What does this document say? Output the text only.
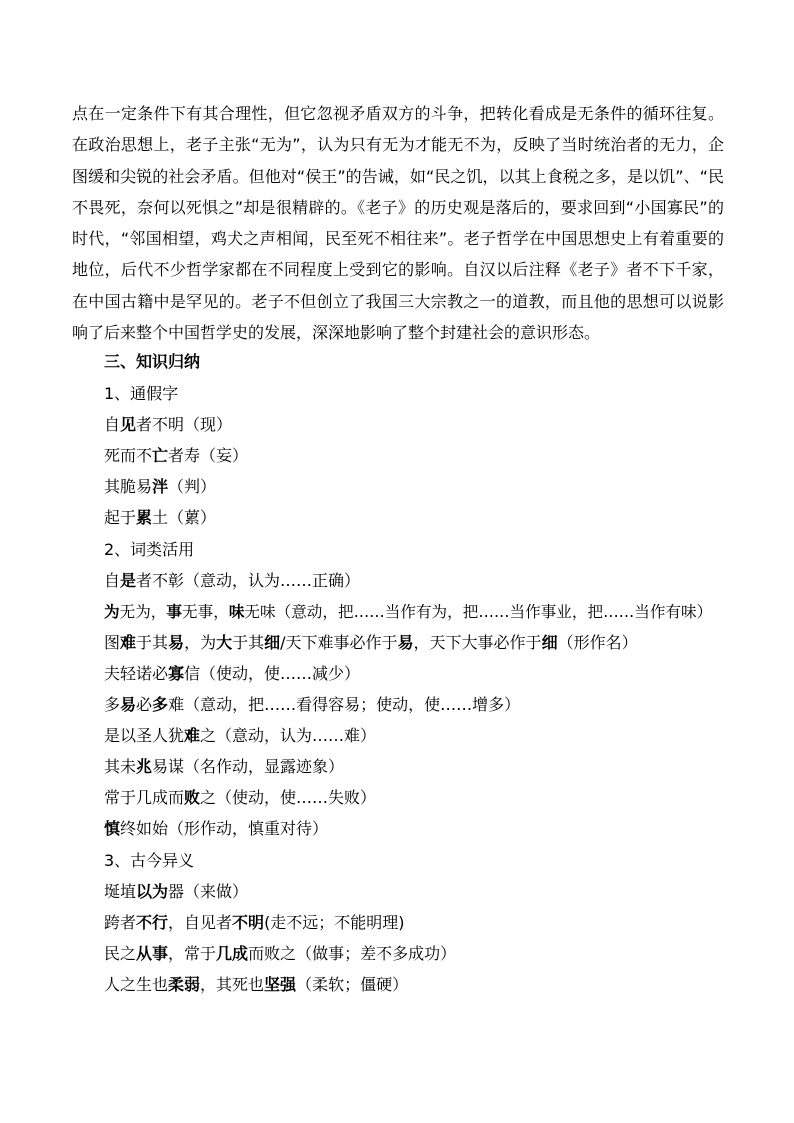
点在一定条件下有其合理性，但它忽视矛盾双方的斗争，把转化看成是无条件的循环往复。在政治思想上，老子主张“无为”，认为只有无为才能无不为，反映了当时统治者的无力，企图缓和尖锐的社会矛盾。但他对“侯王”的告诫，如“民之饥，以其上食税之多，是以饥”、“民不畏死，奈何以死惧之”却是很精辟的。《老子》的历史观是落后的，要求回到“小国寡民”的时代，“邻国相望，鸡犬之声相闻，民至死不相往来”。老子哲学在中国思想史上有着重要的地位，后代不少哲学家都在不同程度上受到它的影响。自汉以后注释《老子》者不下千家，在中国古籍中是罕见的。老子不但创立了我国三大宗教之一的道教，而且他的思想可以说影响了后来整个中国哲学史的发展，深深地影响了整个封建社会的意识形态。

三、知识归纳
1、通假字
自见者不明（现）
死而不亡者寿（妄）
其脆易泮（判）
起于累土（蔂）
2、词类活用
自是者不彰（意动，认为……正确）
为无为，事无事，味无味（意动，把……当作有为，把……当作事业，把……当作有味）
图难于其易，为大于其细/天下难事必作于易，天下大事必作于细（形作名）
夫轻诺必寡信（使动，使……减少）
多易必多难（意动，把……看得容易；使动，使……增多）
是以圣人犹难之（意动，认为……难）
其未兆易谋（名作动，显露迹象）
常于几成而败之（使动，使……失败）
慎终如始（形作动，慎重对待）
3、古今异义
埏埴以为器（来做）
跨者不行，自见者不明(走不远；不能明理)
民之从事，常于几成而败之（做事；差不多成功）
人之生也柔弱，其死也坚强（柔软；僵硬）
